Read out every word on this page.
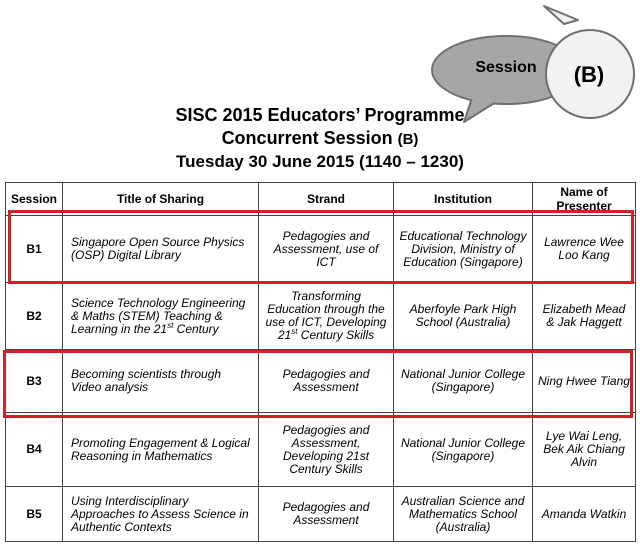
Session	(B)
SISC 2015 Educators’ Programme
Concurrent Session (B)
Tuesday 30 June 2015 (1140 – 1230)
Session	Title of Sharing	Strand	Institution	Name of
Presenter
B1	Singapore Open Source Physics (OSP) Digital Library	Pedagogies and Assessment, use of ICT	Educational Technology Division, Ministry of Education (Singapore)	Lawrence Wee Loo Kang
B2	Science Technology Engineering & Maths (STEM) Teaching & Learning in the 21st Century	Transforming Education through the use of ICT, Developing 21st Century Skills	Aberfoyle Park High School (Australia)	Elizabeth Mead & Jak Haggett
B3	Becoming scientists through Video analysis	Pedagogies and Assessment	National Junior College (Singapore)	Ning Hwee Tiang
B4	Promoting Engagement & Logical Reasoning in Mathematics	Pedagogies and Assessment, Developing 21st Century Skills	National Junior College (Singapore)	Lye Wai Leng, Bek Aik Chiang Alvin
B5	Using Interdisciplinary Approaches to Assess Science in Authentic Contexts	Pedagogies and Assessment	Australian Science and Mathematics School (Australia)	Amanda Watkin
